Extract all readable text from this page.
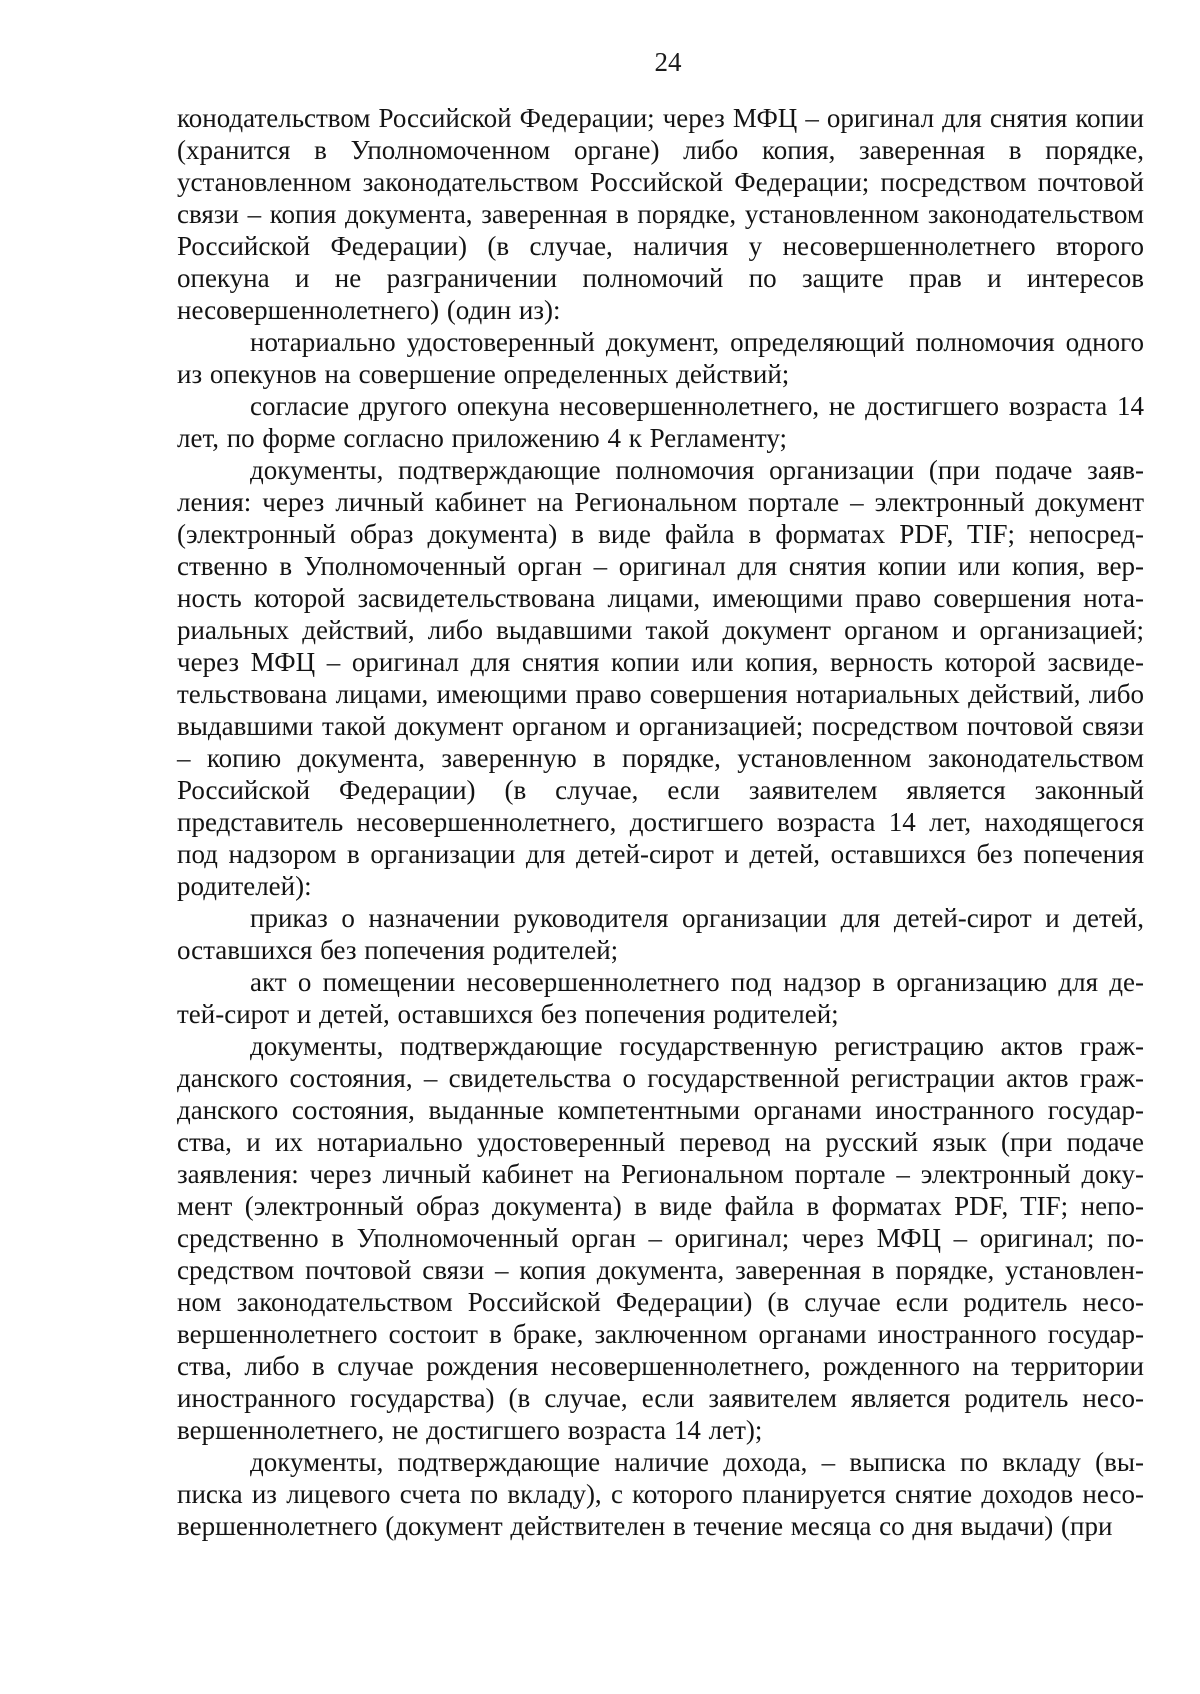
24

конодательством Российской Федерации; через МФЦ – оригинал для снятия копии (хранится в Уполномоченном органе) либо копия, заверенная в порядке, установленном законодательством Российской Федерации; посредством почтовой связи – копия документа, заверенная в порядке, установленном законодательством Российской Федерации) (в случае, наличия у несовершеннолетнего второго опекуна и не разграничении полномочий по защите прав и интересов несовершеннолетнего) (один из):

нотариально удостоверенный документ, определяющий полномочия одного из опекунов на совершение определенных действий;

согласие другого опекуна несовершеннолетнего, не достигшего возраста 14 лет, по форме согласно приложению 4 к Регламенту;

документы, подтверждающие полномочия организации (при подаче заявления: через личный кабинет на Региональном портале – электронный документ (электронный образ документа) в виде файла в форматах PDF, TIF; непосредственно в Уполномоченный орган – оригинал для снятия копии или копия, верность которой засвидетельствована лицами, имеющими право совершения нотариальных действий, либо выдавшими такой документ органом и организацией; через МФЦ – оригинал для снятия копии или копия, верность которой засвидетельствована лицами, имеющими право совершения нотариальных действий, либо выдавшими такой документ органом и организацией; посредством почтовой связи – копию документа, заверенную в порядке, установленном законодательством Российской Федерации) (в случае, если заявителем является законный представитель несовершеннолетнего, достигшего возраста 14 лет, находящегося под надзором в организации для детей-сирот и детей, оставшихся без попечения родителей):

приказ о назначении руководителя организации для детей-сирот и детей, оставшихся без попечения родителей;

акт о помещении несовершеннолетнего под надзор в организацию для детей-сирот и детей, оставшихся без попечения родителей;

документы, подтверждающие государственную регистрацию актов гражданского состояния, – свидетельства о государственной регистрации актов гражданского состояния, выданные компетентными органами иностранного государства, и их нотариально удостоверенный перевод на русский язык (при подаче заявления: через личный кабинет на Региональном портале – электронный документ (электронный образ документа) в виде файла в форматах PDF, TIF; непосредственно в Уполномоченный орган – оригинал; через МФЦ – оригинал; посредством почтовой связи – копия документа, заверенная в порядке, установленном законодательством Российской Федерации) (в случае если родитель несовершеннолетнего состоит в браке, заключенном органами иностранного государства, либо в случае рождения несовершеннолетнего, рожденного на территории иностранного государства) (в случае, если заявителем является родитель несовершеннолетнего, не достигшего возраста 14 лет);

документы, подтверждающие наличие дохода, – выписка по вкладу (выписка из лицевого счета по вкладу), с которого планируется снятие доходов несовершеннолетнего (документ действителен в течение месяца со дня выдачи) (при
